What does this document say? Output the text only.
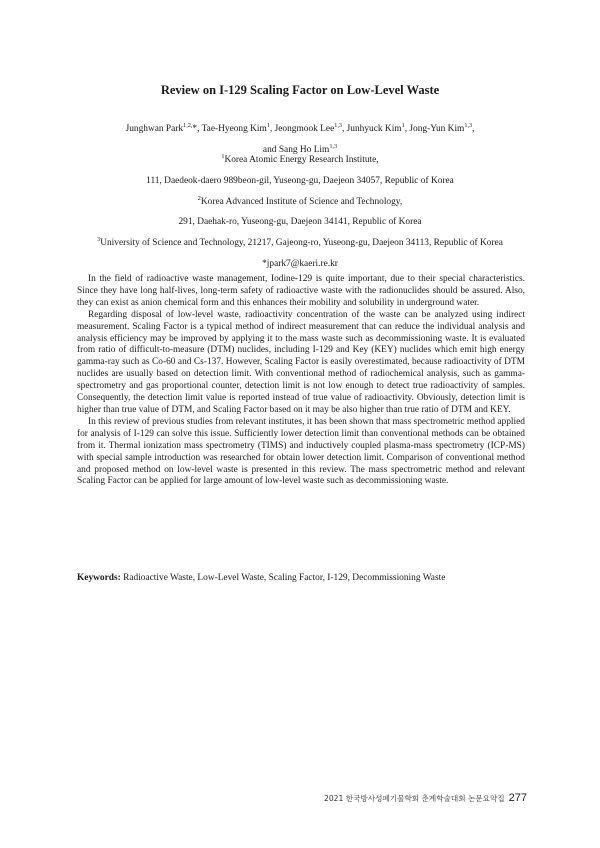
Review on I-129 Scaling Factor on Low-Level Waste
Junghwan Park$^{1,2,}$*, Tae-Hyeong Kim$^1$, Jeongmook Lee$^{1,3}$, Junhyuck Kim$^1$, Jong-Yun Kim$^{1,3}$,
and Sang Ho Lim$^{1,3}$

$^1$Korea Atomic Energy Research Institute,

111, Daedeok-daero 989beon-gil, Yuseong-gu, Daejeon 34057, Republic of Korea

$^2$Korea Advanced Institute of Science and Technology,

291, Daehak-ro, Yuseong-gu, Daejeon 34141, Republic of Korea

$^3$University of Science and Technology, 21217, Gajeong-ro, Yuseong-gu, Daejeon 34113, Republic of Korea

*jpark7@kaeri.re.kr

In the field of radioactive waste management, Iodine-129 is quite important, due to their special characteristics. Since they have long half-lives, long-term safety of radioactive waste with the radionuclides should be assured. Also, they can exist as anion chemical form and this enhances their mobility and solubility in underground water.

Regarding disposal of low-level waste, radioactivity concentration of the waste can be analyzed using indirect measurement. Scaling Factor is a typical method of indirect measurement that can reduce the individual analysis and analysis efficiency may be improved by applying it to the mass waste such as decommissioning waste. It is evaluated from ratio of difficult-to-measure (DTM) nuclides, including I-129 and Key (KEY) nuclides which emit high energy gamma-ray such as Co-60 and Cs-137. However, Scaling Factor is easily overestimated, because radioactivity of DTM nuclides are usually based on detection limit. With conventional method of radiochemical analysis, such as gamma-spectrometry and gas proportional counter, detection limit is not low enough to detect true radioactivity of samples. Consequently, the detection limit value is reported instead of true value of radioactivity. Obviously, detection limit is higher than true value of DTM, and Scaling Factor based on it may be also higher than true ratio of DTM and KEY.

In this review of previous studies from relevant institutes, it has been shown that mass spectrometric method applied for analysis of I-129 can solve this issue. Sufficiently lower detection limit than conventional methods can be obtained from it. Thermal ionization mass spectrometry (TIMS) and inductively coupled plasma-mass spectrometry (ICP-MS) with special sample introduction was researched for obtain lower detection limit. Comparison of conventional method and proposed method on low-level waste is presented in this review. The mass spectrometric method and relevant Scaling Factor can be applied for large amount of low-level waste such as decommissioning waste.

Keywords: Radioactive Waste, Low-Level Waste, Scaling Factor, I-129, Decommissioning Waste

2021 한국방사성폐기물학회 춘계학술대회 논문요약집 277
